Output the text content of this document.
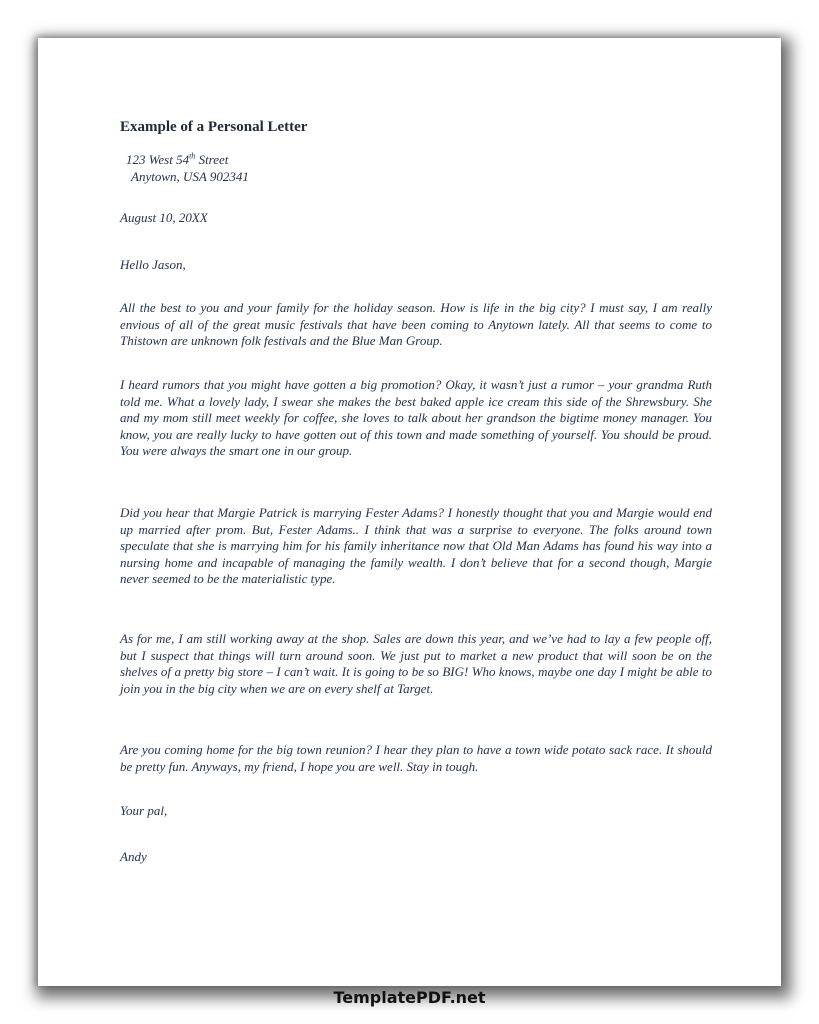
Example of a Personal Letter
123 West 54th Street
Anytown, USA 902341
August 10, 20XX
Hello Jason,

All the best to you and your family for the holiday season. How is life in the big city? I must say, I am really envious of all of the great music festivals that have been coming to Anytown lately. All that seems to come to Thistown are unknown folk festivals and the Blue Man Group.

I heard rumors that you might have gotten a big promotion? Okay, it wasn’t just a rumor – your grandma Ruth told me. What a lovely lady, I swear she makes the best baked apple ice cream this side of the Shrewsbury. She and my mom still meet weekly for coffee, she loves to talk about her grandson the bigtime money manager. You know, you are really lucky to have gotten out of this town and made something of yourself. You should be proud. You were always the smart one in our group.

Did you hear that Margie Patrick is marrying Fester Adams? I honestly thought that you and Margie would end up married after prom. But, Fester Adams.. I think that was a surprise to everyone. The folks around town speculate that she is marrying him for his family inheritance now that Old Man Adams has found his way into a nursing home and incapable of managing the family wealth. I don’t believe that for a second though, Margie never seemed to be the materialistic type.

As for me, I am still working away at the shop. Sales are down this year, and we’ve had to lay a few people off, but I suspect that things will turn around soon. We just put to market a new product that will soon be on the shelves of a pretty big store – I can’t wait. It is going to be so BIG! Who knows, maybe one day I might be able to join you in the big city when we are on every shelf at Target.

Are you coming home for the big town reunion? I hear they plan to have a town wide potato sack race. It should be pretty fun. Anyways, my friend, I hope you are well. Stay in tough.

Your pal,
Andy
TemplatePDF.net
